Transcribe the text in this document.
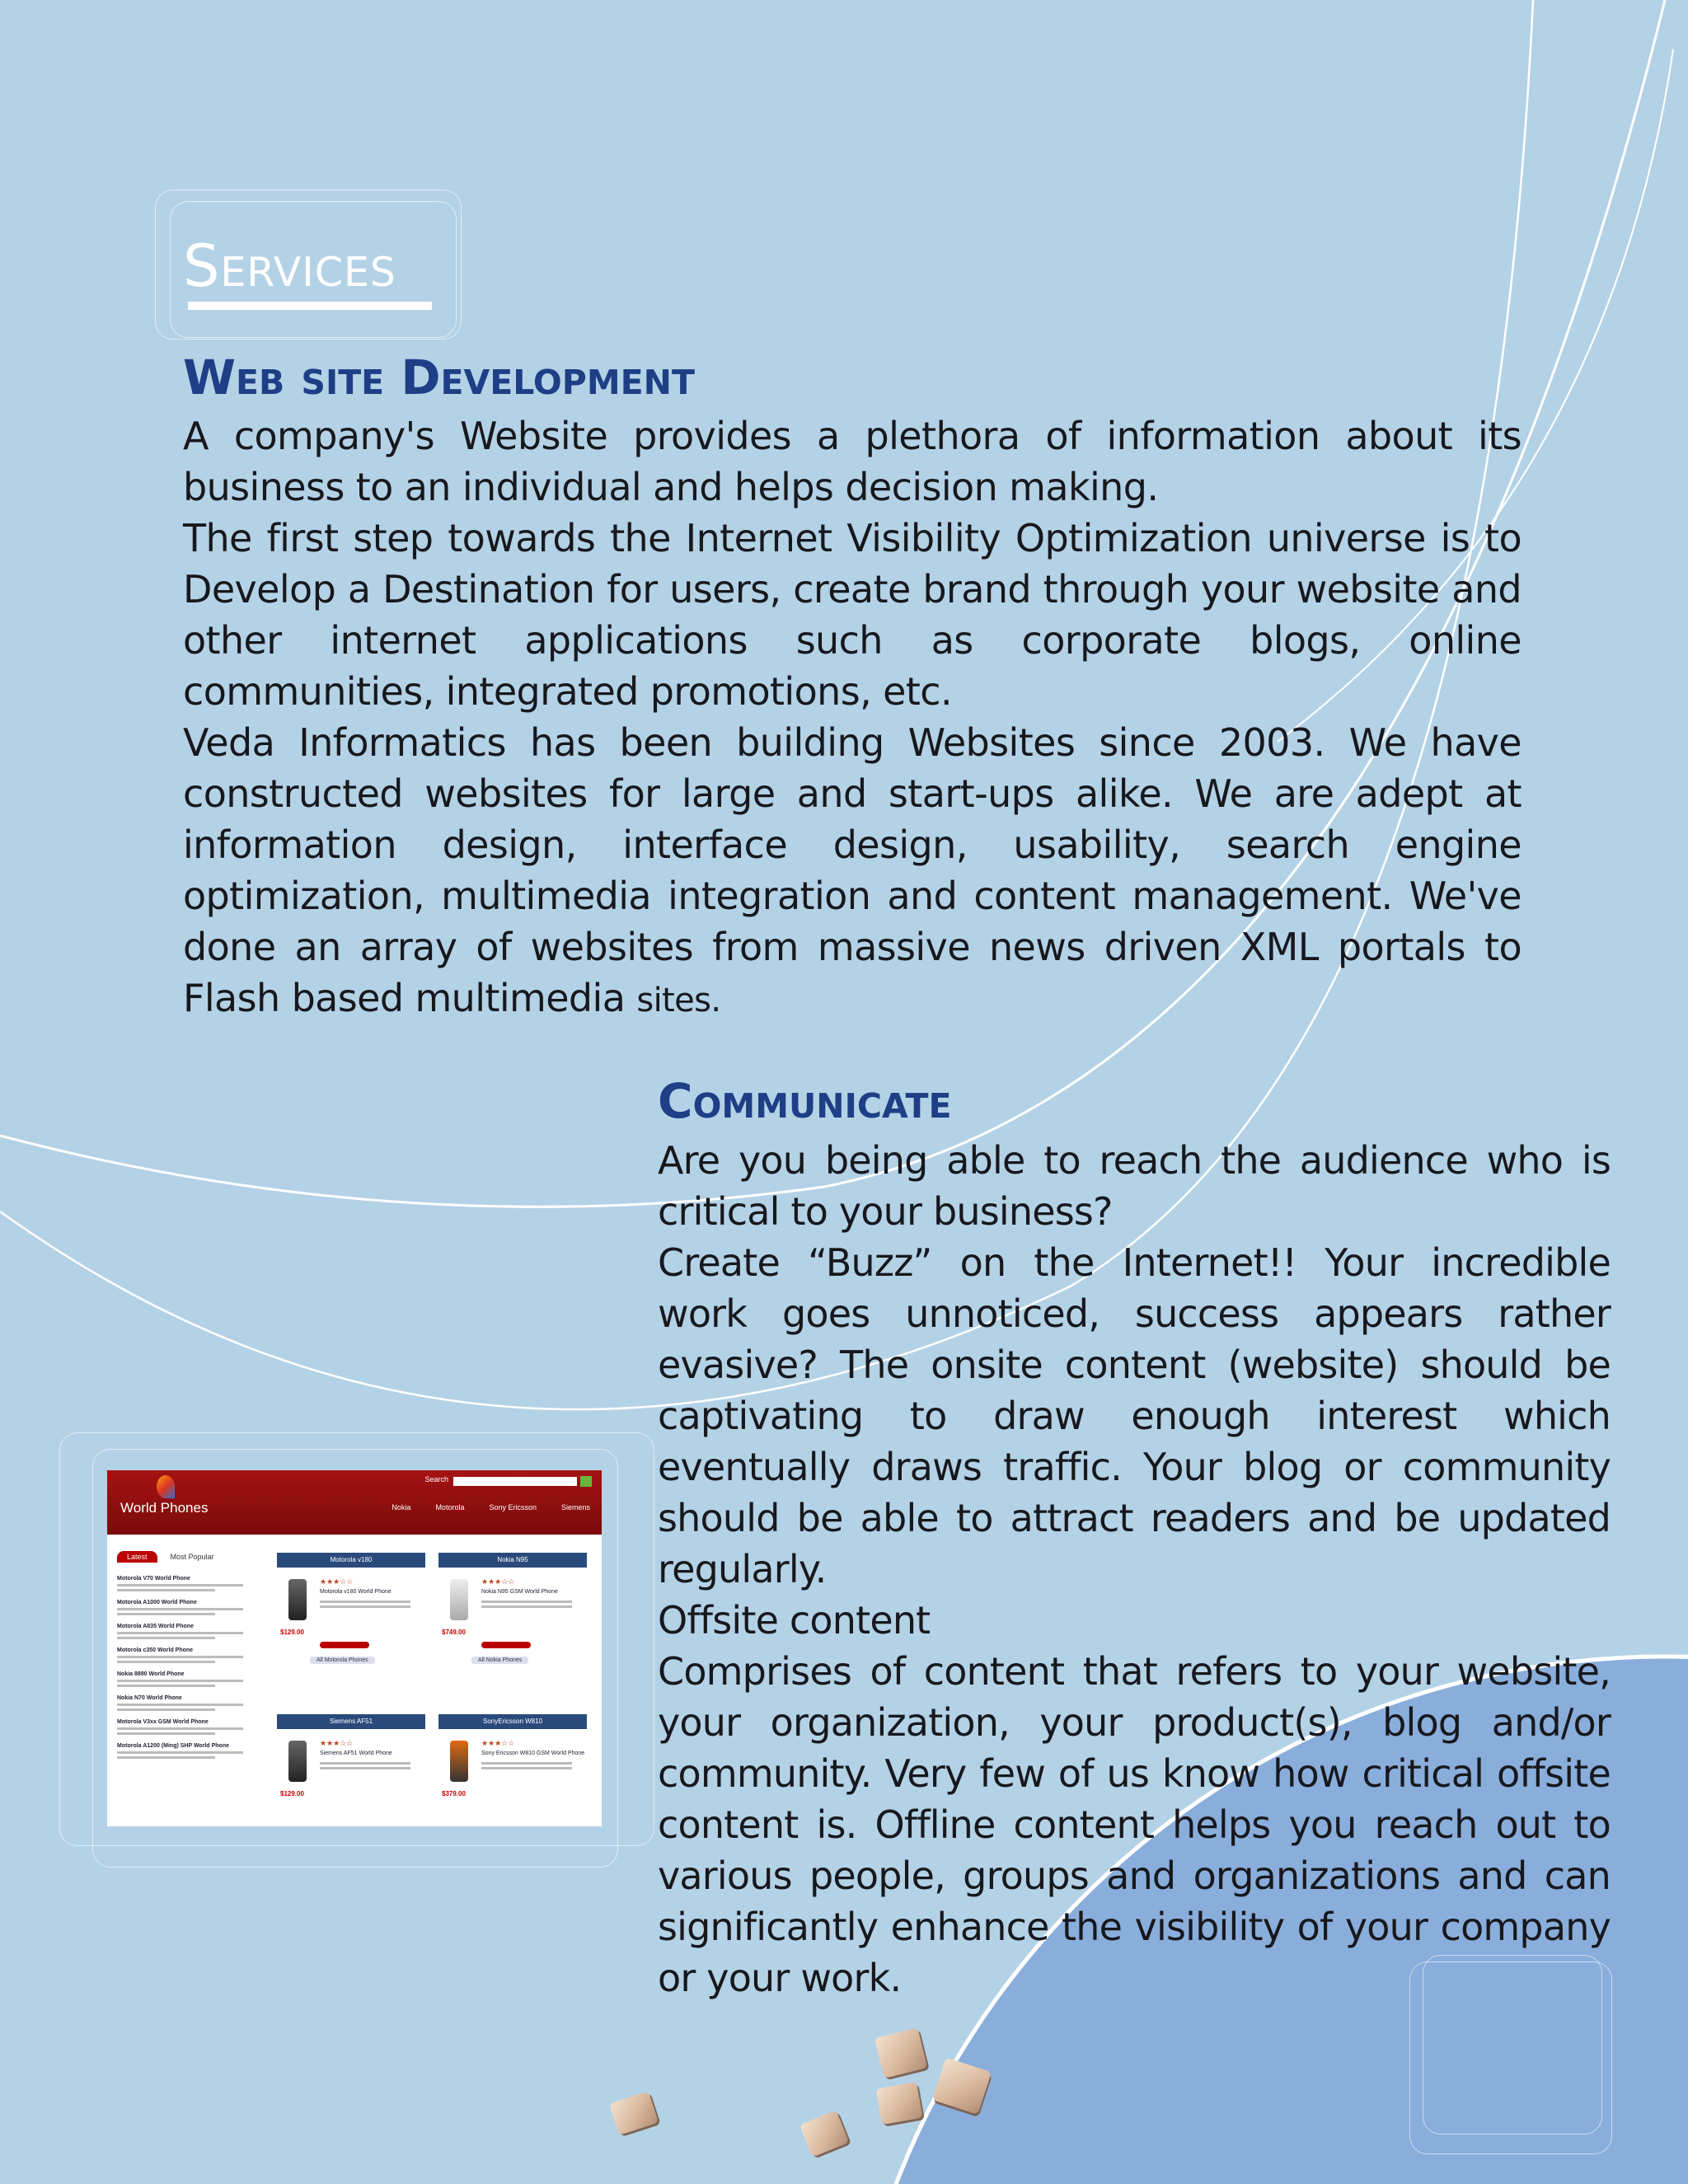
Services
Web site Development

A company's Website provides a plethora of information about its business to an individual and helps decision making.

The first step towards the Internet Visibility Optimization universe is to Develop a Destination for users, create brand through your website and other internet applications such as corporate blogs, online communities, integrated promotions, etc.

Veda Informatics has been building Websites since 2003. We have constructed websites for large and start-ups alike. We are adept at information design, interface design, usability, search engine optimization, multimedia integration and content management. We've done an array of websites from massive news driven XML portals to Flash based multimedia sites.

Communicate

Are you being able to reach the audience who is critical to your business?

Create “Buzz” on the Internet!! Your incredible work goes unnoticed, success appears rather evasive? The onsite content (website) should be captivating to draw enough interest which eventually draws traffic. Your blog or community should be able to attract readers and be updated regularly.

Offsite content

Comprises of content that refers to your website, your organization, your product(s), blog and/or community. Very few of us know how critical offsite content is. Offline content helps you reach out to various people, groups and organizations and can significantly enhance the visibility of your company or your work.

World Phones
Search
Nokia	Motorola	Sony Ericsson	Siemens
Latest	Most Popular
Motorola V70 World Phone
Motorola A1000 World Phone
Motorola A835 World Phone
Motorola c350 World Phone
Nokia 8890 World Phone
Nokia N70 World Phone
Motorola V3xx GSM World Phone
Motorola A1200 (Ming) SHP World Phone
Motorola v180
★★★☆☆
Motorola v180 World Phone
$129.00
All Motorola Phones
Nokia N95
★★★☆☆
Nokia N95 GSM World Phone
$749.00
All Nokia Phones
Siemens AF51
★★★☆☆
Siemens AF51 World Phone
$129.00
SonyEricsson W810
★★★☆☆
Sony Ericsson W810 GSM World Phone
$379.00
